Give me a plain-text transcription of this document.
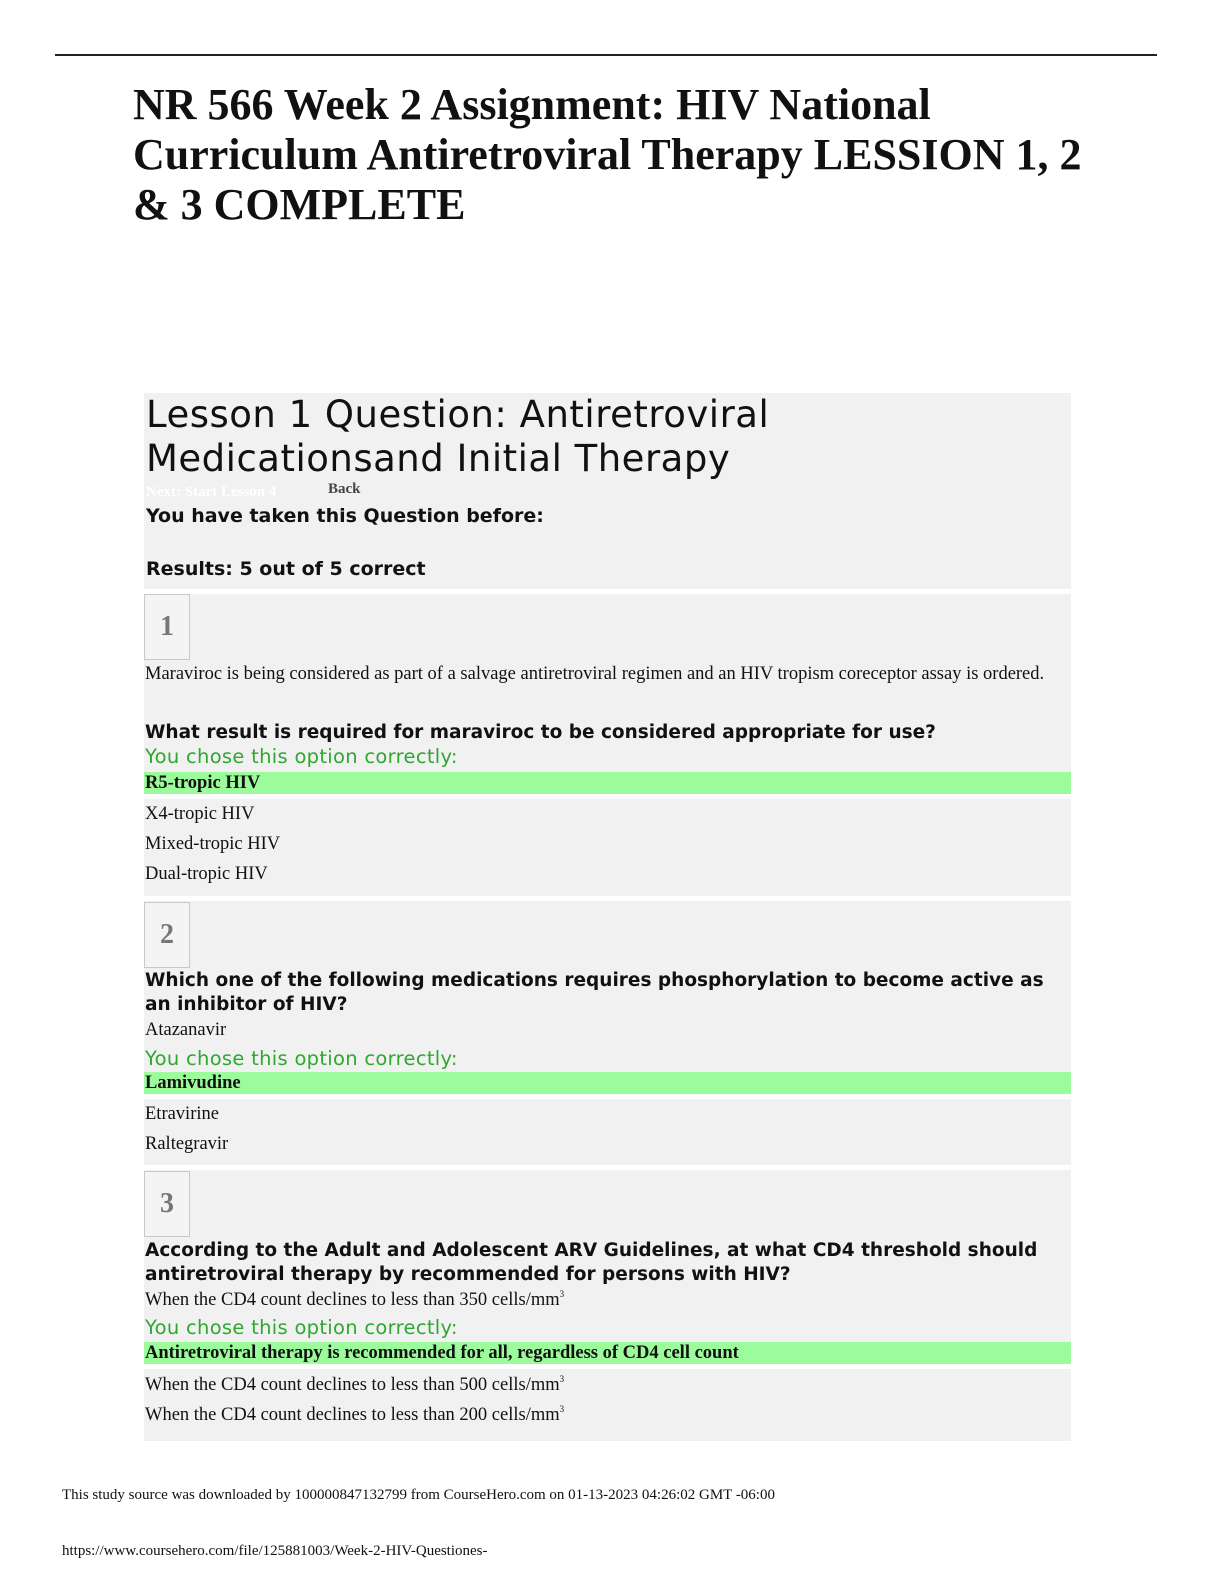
NR 566 Week 2 Assignment: HIV National Curriculum Antiretroviral Therapy LESSION 1, 2 & 3 COMPLETE
Lesson 1 Question: Antiretroviral Medicationsand Initial Therapy
Next: Start Lesson 4	Back
You have taken this Question before:
Results: 5 out of 5 correct
1
Maraviroc is being considered as part of a salvage antiretroviral regimen and an HIV tropism coreceptor assay is ordered.
What result is required for maraviroc to be considered appropriate for use?
You chose this option correctly:
R5-tropic HIV
X4-tropic HIV
Mixed-tropic HIV
Dual-tropic HIV
2
Which one of the following medications requires phosphorylation to become active as an inhibitor of HIV?
Atazanavir
You chose this option correctly:
Lamivudine
Etravirine
Raltegravir
3
According to the Adult and Adolescent ARV Guidelines, at what CD4 threshold should antiretroviral therapy by recommended for persons with HIV?
When the CD4 count declines to less than 350 cells/$mm^3$
You chose this option correctly:
Antiretroviral therapy is recommended for all, regardless of CD4 cell count
When the CD4 count declines to less than 500 cells/$mm^3$
When the CD4 count declines to less than 200 cells/$mm^3$
This study source was downloaded by 100000847132799 from CourseHero.com on 01-13-2023 04:26:02 GMT -06:00
https://www.coursehero.com/file/125881003/Week-2-HIV-Questiones-
